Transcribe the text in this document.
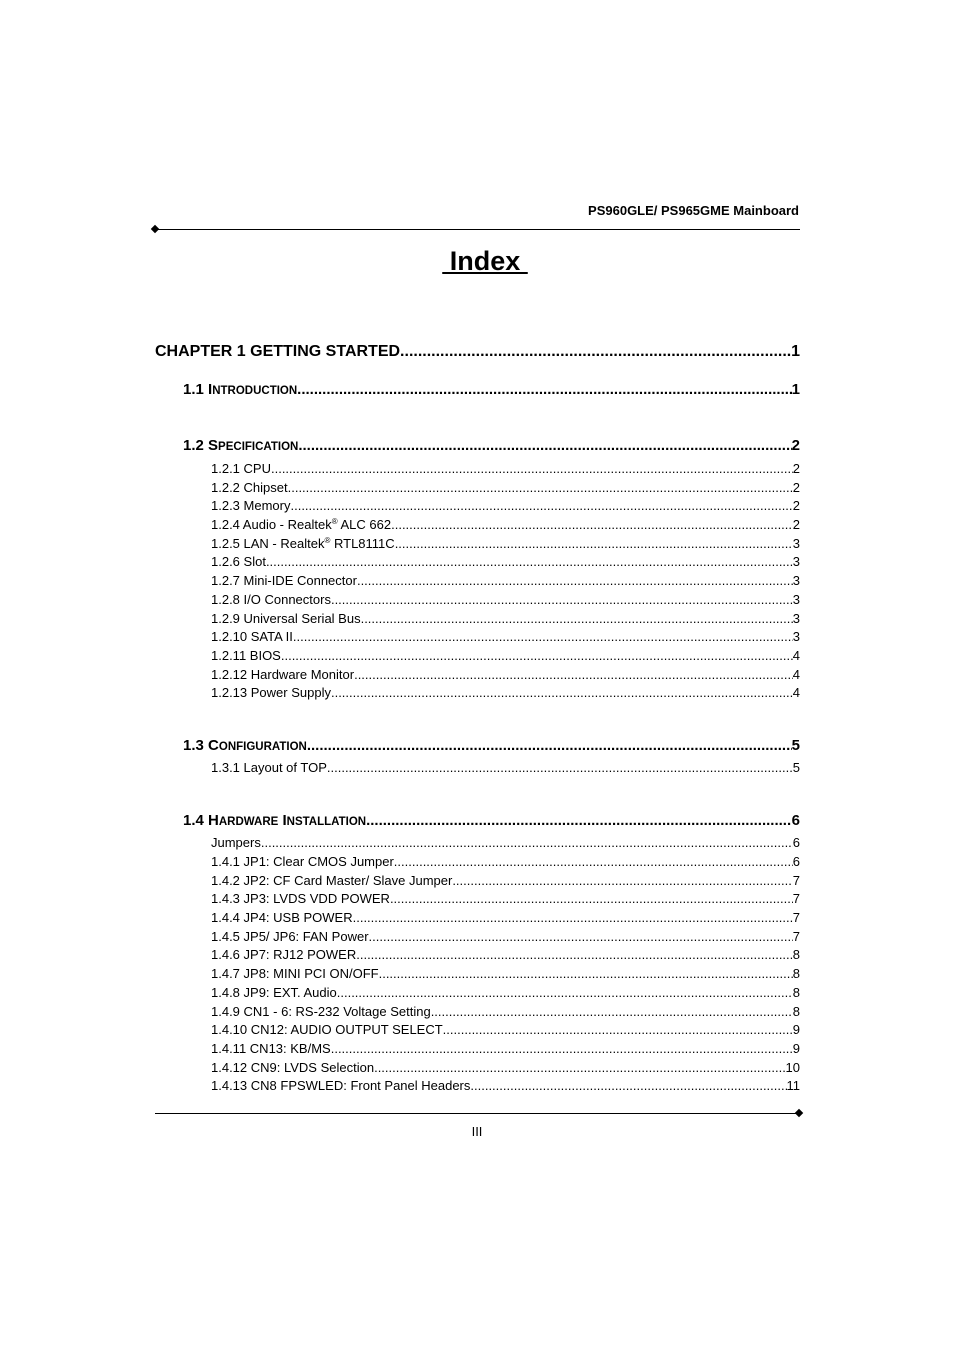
PS960GLE/ PS965GME Mainboard
Index
CHAPTER 1 GETTING STARTED .....	1
1.1 INTRODUCTION .....	1
1.2 SPECIFICATION .....	2
1.2.1 CPU .....	2
1.2.2 Chipset .....	2
1.2.3 Memory .....	2
1.2.4 Audio - Realtek® ALC 662 .....	2
1.2.5 LAN - Realtek® RTL8111C .....	3
1.2.6 Slot .....	3
1.2.7 Mini-IDE Connector .....	3
1.2.8 I/O Connectors .....	3
1.2.9 Universal Serial Bus .....	3
1.2.10 SATA II .....	3
1.2.11 BIOS .....	4
1.2.12 Hardware Monitor .....	4
1.2.13 Power Supply .....	4
1.3 CONFIGURATION .....	5
1.3.1 Layout of TOP .....	5
1.4 HARDWARE INSTALLATION .....	6
Jumpers .....	6
1.4.1 JP1: Clear CMOS Jumper .....	6
1.4.2 JP2: CF Card Master/ Slave Jumper .....	7
1.4.3 JP3: LVDS VDD POWER .....	7
1.4.4 JP4: USB POWER .....	7
1.4.5 JP5/ JP6: FAN Power .....	7
1.4.6 JP7: RJ12 POWER .....	8
1.4.7 JP8: MINI PCI ON/OFF .....	8
1.4.8 JP9: EXT. Audio .....	8
1.4.9 CN1 - 6: RS-232 Voltage Setting .....	8
1.4.10 CN12: AUDIO OUTPUT SELECT .....	9
1.4.11 CN13: KB/MS .....	9
1.4.12 CN9: LVDS Selection .....	10
1.4.13 CN8 FPSWLED: Front Panel Headers .....	11
III
